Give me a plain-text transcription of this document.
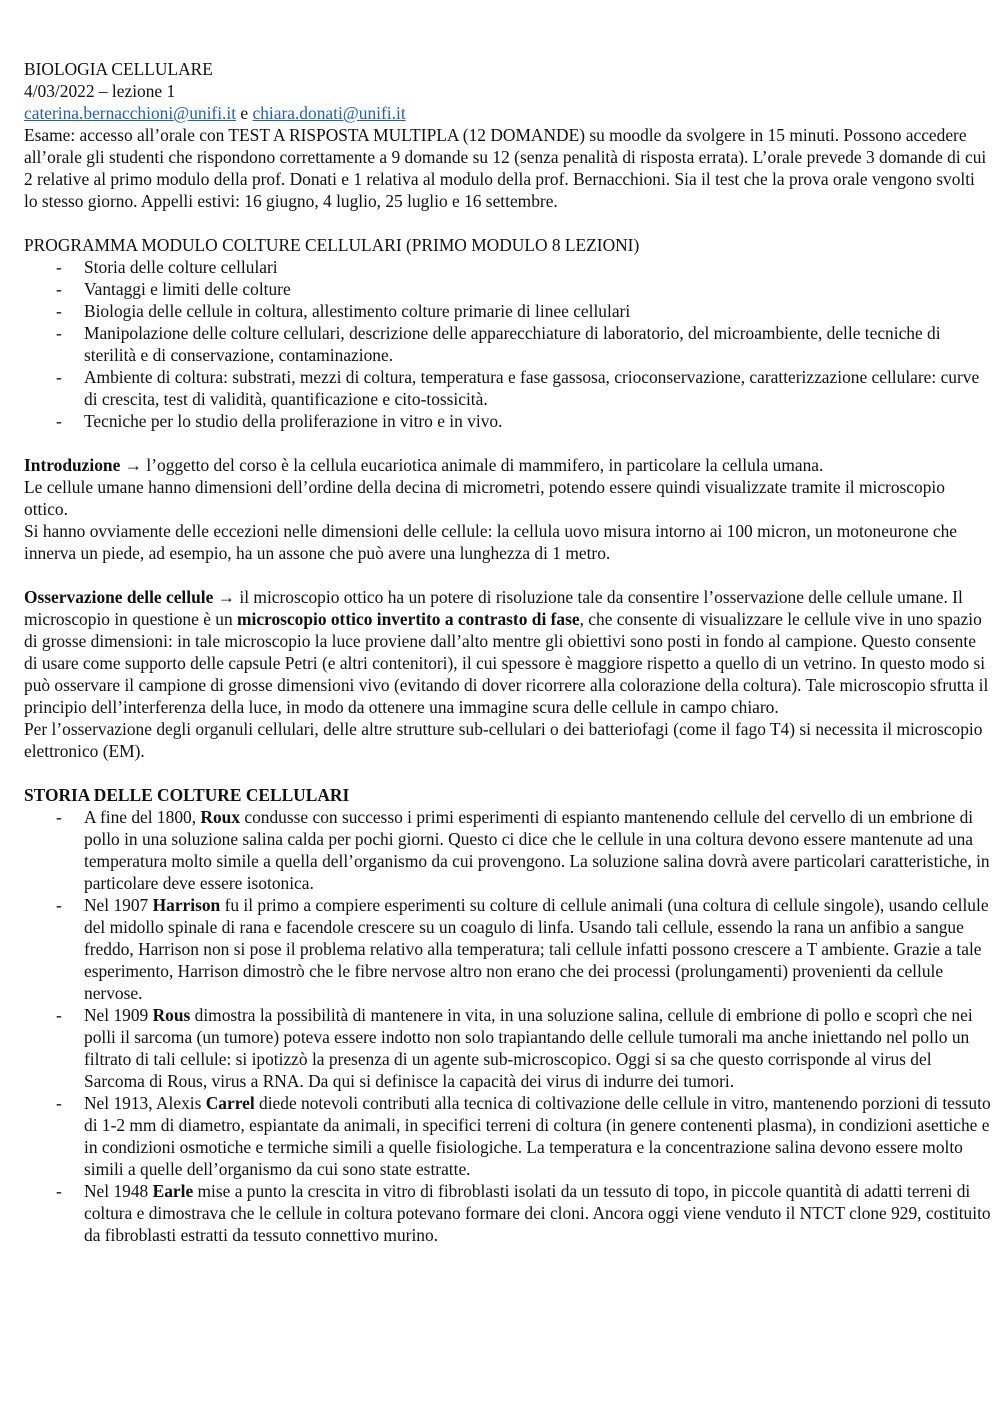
BIOLOGIA CELLULARE

4/03/2022 – lezione 1

caterina.bernacchioni@unifi.it e chiara.donati@unifi.it

Esame: accesso all’orale con TEST A RISPOSTA MULTIPLA (12 DOMANDE) su moodle da svolgere in 15 minuti. Possono accedere all’orale gli studenti che rispondono correttamente a 9 domande su 12 (senza penalità di risposta errata). L’orale prevede 3 domande di cui 2 relative al primo modulo della prof. Donati e 1 relativa al modulo della prof. Bernacchioni. Sia il test che la prova orale vengono svolti lo stesso giorno. Appelli estivi: 16 giugno, 4 luglio, 25 luglio e 16 settembre.

PROGRAMMA MODULO COLTURE CELLULARI (PRIMO MODULO 8 LEZIONI)

- Storia delle colture cellulari
- Vantaggi e limiti delle colture
- Biologia delle cellule in coltura, allestimento colture primarie di linee cellulari
- Manipolazione delle colture cellulari, descrizione delle apparecchiature di laboratorio, del microambiente, delle tecniche di sterilità e di conservazione, contaminazione.
- Ambiente di coltura: substrati, mezzi di coltura, temperatura e fase gassosa, crioconservazione, caratterizzazione cellulare: curve di crescita, test di validità, quantificazione e cito-tossicità.
- Tecniche per lo studio della proliferazione in vitro e in vivo.

Introduzione → l’oggetto del corso è la cellula eucariotica animale di mammifero, in particolare la cellula umana.

Le cellule umane hanno dimensioni dell’ordine della decina di micrometri, potendo essere quindi visualizzate tramite il microscopio ottico.

Si hanno ovviamente delle eccezioni nelle dimensioni delle cellule: la cellula uovo misura intorno ai 100 micron, un motoneurone che innerva un piede, ad esempio, ha un assone che può avere una lunghezza di 1 metro.

Osservazione delle cellule → il microscopio ottico ha un potere di risoluzione tale da consentire l’osservazione delle cellule umane. Il microscopio in questione è un microscopio ottico invertito a contrasto di fase, che consente di visualizzare le cellule vive in uno spazio di grosse dimensioni: in tale microscopio la luce proviene dall’alto mentre gli obiettivi sono posti in fondo al campione. Questo consente di usare come supporto delle capsule Petri (e altri contenitori), il cui spessore è maggiore rispetto a quello di un vetrino. In questo modo si può osservare il campione di grosse dimensioni vivo (evitando di dover ricorrere alla colorazione della coltura). Tale microscopio sfrutta il principio dell’interferenza della luce, in modo da ottenere una immagine scura delle cellule in campo chiaro.

Per l’osservazione degli organuli cellulari, delle altre strutture sub-cellulari o dei batteriofagi (come il fago T4) si necessita il microscopio elettronico (EM).

STORIA DELLE COLTURE CELLULARI

- A fine del 1800, Roux condusse con successo i primi esperimenti di espianto mantenendo cellule del cervello di un embrione di pollo in una soluzione salina calda per pochi giorni. Questo ci dice che le cellule in una coltura devono essere mantenute ad una temperatura molto simile a quella dell’organismo da cui provengono. La soluzione salina dovrà avere particolari caratteristiche, in particolare deve essere isotonica.
- Nel 1907 Harrison fu il primo a compiere esperimenti su colture di cellule animali (una coltura di cellule singole), usando cellule del midollo spinale di rana e facendole crescere su un coagulo di linfa. Usando tali cellule, essendo la rana un anfibio a sangue freddo, Harrison non si pose il problema relativo alla temperatura; tali cellule infatti possono crescere a T ambiente. Grazie a tale esperimento, Harrison dimostrò che le fibre nervose altro non erano che dei processi (prolungamenti) provenienti da cellule nervose.
- Nel 1909 Rous dimostra la possibilità di mantenere in vita, in una soluzione salina, cellule di embrione di pollo e scoprì che nei polli il sarcoma (un tumore) poteva essere indotto non solo trapiantando delle cellule tumorali ma anche iniettando nel pollo un filtrato di tali cellule: si ipotizzò la presenza di un agente sub-microscopico. Oggi si sa che questo corrisponde al virus del Sarcoma di Rous, virus a RNA. Da qui si definisce la capacità dei virus di indurre dei tumori.
- Nel 1913, Alexis Carrel diede notevoli contributi alla tecnica di coltivazione delle cellule in vitro, mantenendo porzioni di tessuto di 1-2 mm di diametro, espiantate da animali, in specifici terreni di coltura (in genere contenenti plasma), in condizioni asettiche e in condizioni osmotiche e termiche simili a quelle fisiologiche. La temperatura e la concentrazione salina devono essere molto simili a quelle dell’organismo da cui sono state estratte.
- Nel 1948 Earle mise a punto la crescita in vitro di fibroblasti isolati da un tessuto di topo, in piccole quantità di adatti terreni di coltura e dimostrava che le cellule in coltura potevano formare dei cloni. Ancora oggi viene venduto il NTCT clone 929, costituito da fibroblasti estratti da tessuto connettivo murino.
